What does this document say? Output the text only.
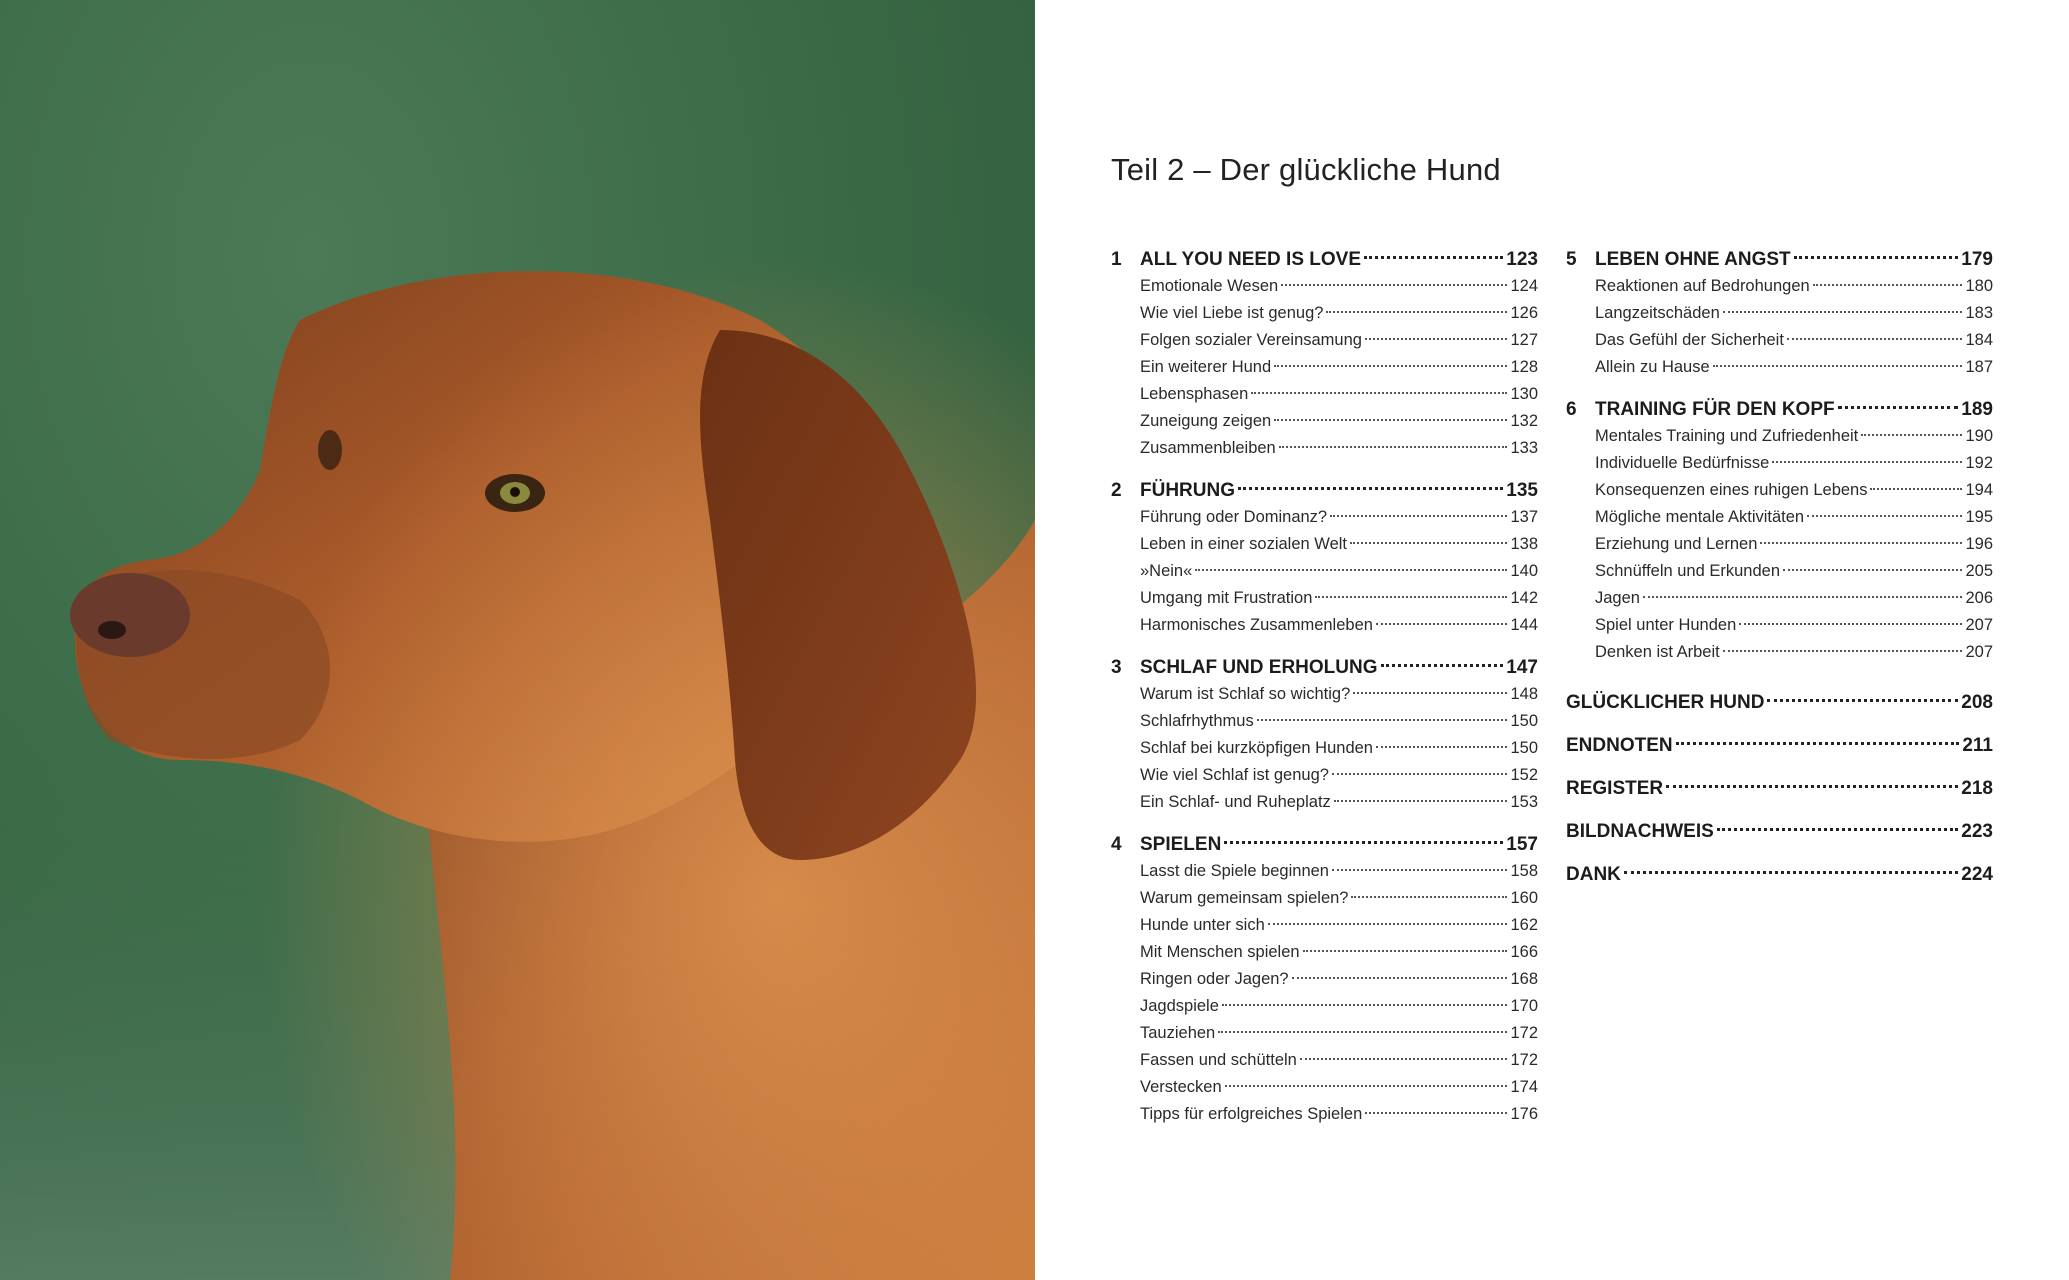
Teil 2 – Der glückliche Hund
1 ALL YOU NEED IS LOVE	123
Emotionale Wesen	124
Wie viel Liebe ist genug?	126
Folgen sozialer Vereinsamung	127
Ein weiterer Hund	128
Lebensphasen	130
Zuneigung zeigen	132
Zusammenbleiben	133
2 FÜHRUNG	135
Führung oder Dominanz?	137
Leben in einer sozialen Welt	138
»Nein«	140
Umgang mit Frustration	142
Harmonisches Zusammenleben	144
3 SCHLAF UND ERHOLUNG	147
Warum ist Schlaf so wichtig?	148
Schlafrhythmus	150
Schlaf bei kurzköpfigen Hunden	150
Wie viel Schlaf ist genug?	152
Ein Schlaf- und Ruheplatz	153
4 SPIELEN	157
Lasst die Spiele beginnen	158
Warum gemeinsam spielen?	160
Hunde unter sich	162
Mit Menschen spielen	166
Ringen oder Jagen?	168
Jagdspiele	170
Tauziehen	172
Fassen und schütteln	172
Verstecken	174
Tipps für erfolgreiches Spielen	176
5 LEBEN OHNE ANGST	179
Reaktionen auf Bedrohungen	180
Langzeitschäden	183
Das Gefühl der Sicherheit	184
Allein zu Hause	187
6 TRAINING FÜR DEN KOPF	189
Mentales Training und Zufriedenheit	190
Individuelle Bedürfnisse	192
Konsequenzen eines ruhigen Lebens	194
Mögliche mentale Aktivitäten	195
Erziehung und Lernen	196
Schnüffeln und Erkunden	205
Jagen	206
Spiel unter Hunden	207
Denken ist Arbeit	207
GLÜCKLICHER HUND	208
ENDNOTEN	211
REGISTER	218
BILDNACHWEIS	223
DANK	224
